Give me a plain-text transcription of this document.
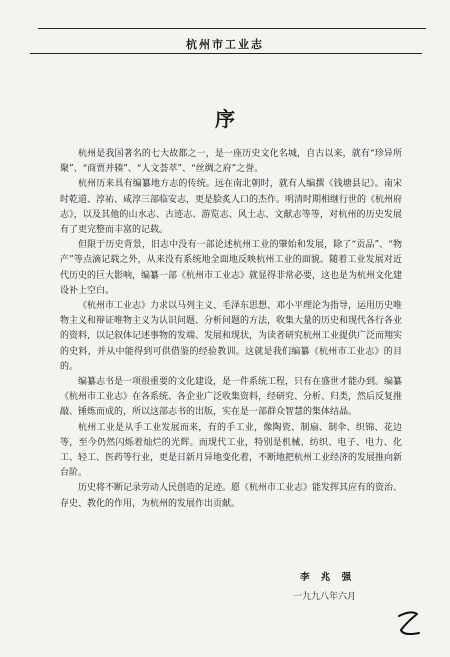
杭州市工业志
序

杭州是我国著名的七大故都之一，是一座历史文化名城，自古以来，就有“珍异所聚”、“商贾并辏”、“人文荟萃”、“丝绸之府”之誉。

杭州历来具有编纂地方志的传统。远在南北朝时，就有人编撰《钱塘县记》。南宋时乾道、淳祐、咸淳三部临安志，更是脍炙人口的杰作。明清时期相继行世的《杭州府志》，以及其他的山水志、古迹志、游览志、风土志、文献志等等，对杭州的历史发展有了更完整而丰富的记载。

但限于历史背景，旧志中没有一部论述杭州工业的肇始和发展，除了“贡品”、“物产”等点滴记载之外，从来没有系统地全面地反映杭州工业的面貌。随着工业发展对近代历史的巨大影响，编纂一部《杭州市工业志》就显得非常必要，这也是为杭州文化建设补上空白。

《杭州市工业志》力求以马列主义、毛泽东思想、邓小平理论为指导，运用历史唯物主义和辩证唯物主义为认识问题、分析问题的方法，收集大量的历史和现代各行各业的资料，以记叙体记述事物的发端、发展和现状，为读者研究杭州工业提供广泛而翔实的史料，并从中能得到可供借鉴的经验教训。这就是我们编纂《杭州市工业志》的目的。

编纂志书是一项很重要的文化建设，是一件系统工程，只有在盛世才能办到。编纂《杭州市工业志》在各系统、各企业广泛收集资料，经研究、分析、归类，然后反复推敲、锤炼而成的，所以这部志书的出版，实在是一部群众智慧的集体结晶。

杭州工业是从手工业发展而来，有的手工业，像陶瓷、制扇、制伞、织锦、花边等，至今仍然闪烁着灿烂的光辉。而现代工业，特别是机械、纺织、电子、电力、化工、轻工、医药等行业，更是日新月异地变化着，不断地把杭州工业经济的发展推向新台阶。

历史将不断记录劳动人民创造的足迹。愿《杭州市工业志》能发挥其应有的资治、存史、教化的作用，为杭州的发展作出贡献。

李 兆 强
一九九八年六月
